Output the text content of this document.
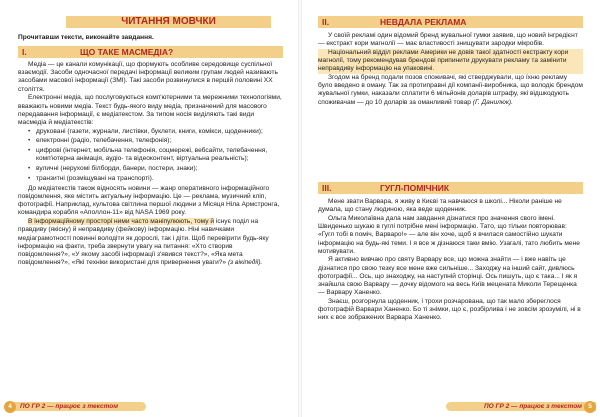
ЧИТАННЯ МОВЧКИ

Прочитавши тексти, виконайте завдання.

I.	ЩО ТАКЕ МАСМЕДІА?

Медіа — це канали комунікації, що формують особливе середовище суспільної взаємодії. Засоби одночасної передачі інформації великим групам людей називають засобами масової інформації (ЗМІ). Такі засоби розвинулися в першій половині ХХ століття.

Електронні медіа, що послуговуються комп'ютерними та мережними технологіями, вважають новими медіа. Текст будь-якого виду медіа, призначений для масового передавання інформації, є медіатекстом. За типом носія виділяють такі види масмедіа й медіатекстів:

• друковані (газети, журнали, листівки, буклети, книги, комікси, щоденники);
• електронні (радіо, телебачення, телефонія);
• цифрові (інтернет, мобільна телефонія, соцмережі, вебсайти, телебачення, комп'ютерна анімація, аудіо- та відеоконтент, віртуальна реальність);
• вуличні (нерухомі білборди, банери, постери, знаки);
• транзитні (розміщувані на транспорті).

До медіатекстів також відносять новини — жанр оперативного інформаційного повідомлення, яке містить актуальну інформацію. Це — реклама, музичний кліп, фотографії. Наприклад, культова світлина першої людини з Місяця Ніла Армстронга, командира корабля «Аполлон-11» від NASA 1969 року.

В інформаційному просторі ними часто маніпулюють, тому й існує поділ на правдиву (якісну) й неправдиву (фейкову) інформацію. Ніні навичками медіаграмотності повинні володіти як дорослі, так і діти. Щоб перевірити будь-яку інформацію на факти, треба звернути увагу на питання: «Хто створив повідомлення?», «У якому засобі інформації з'явився текст?», «Яка мета повідомлення?», «Які техніки використані для привернення уваги?» (з вікіпедії).

ПО ГР 2 — працює з текстом
4
II.	НЕВДАЛА РЕКЛАМА

У своїй рекламі один відомий бренд жувальної гумки заявив, що новий інгредієнт — екстракт кори магнолії — має властивості знищувати зародки мікробів.

Національний відділ реклами Америки не довів такої здатності екстракту кори магнолії, тому рекомендував брендові припинити друкувати рекламу та замінити неправдиву інформацію на упаковині.

Згодом на бренд подали позов споживачі, які стверджували, що їхню рекламу було введено в оману. Так за протиправні дії компанії-виробника, що володіє брендом жувальної гумки, наказали сплатити 6 мільйонів доларів штрафу, які відшкодують споживачам — до 10 доларів за оманливий товар (Г. Данилюк).

III.	ГУГЛ-ПОМІЧНИК

Мене звати Варвара, я живу в Києві та навчаюся в школі... Ніколи раніше не думала, що стану людиною, яка веде щоденник.

Ольга Миколаївна дала нам завдання дізнатися про значення свого імені. Швиденько шукаю в гуглі потрібне мені інформацію. Тато, що тільки повторював: «Гугл тобі в поміч, Варваро!» — але він хоче, щоб я вчилася самостійно шукати інформацію на будь-які теми. І я все ж дізнаюся таки вмію. Узагалі, тато любить мене мотивувати.

Я активно вивчаю про святу Варвару все, що можна знайти — і вже навіть це дізнатися про свою тезку все мене вже сильніше... Заходжу на інший сайт, дивлюсь фотографії... Ось, що знаходжу, на наступній сторінці. Ось пишуть, що є така... І як я знайшла свою Варвару — дочку відомого на весь Київ мецената Миколи Терещенка — Варвару Ханенко.

Знаєш, розгорнула щоденник, і трохи розчарована, що так мало збереглося фотографій Варвари Ханенко. Бо ті знімки, що є, розбірлива і не зовсім зрозумілі, ні в них є все зображених Варвара Ханенко.

ПО ГР 2 — працює з текстом 5
